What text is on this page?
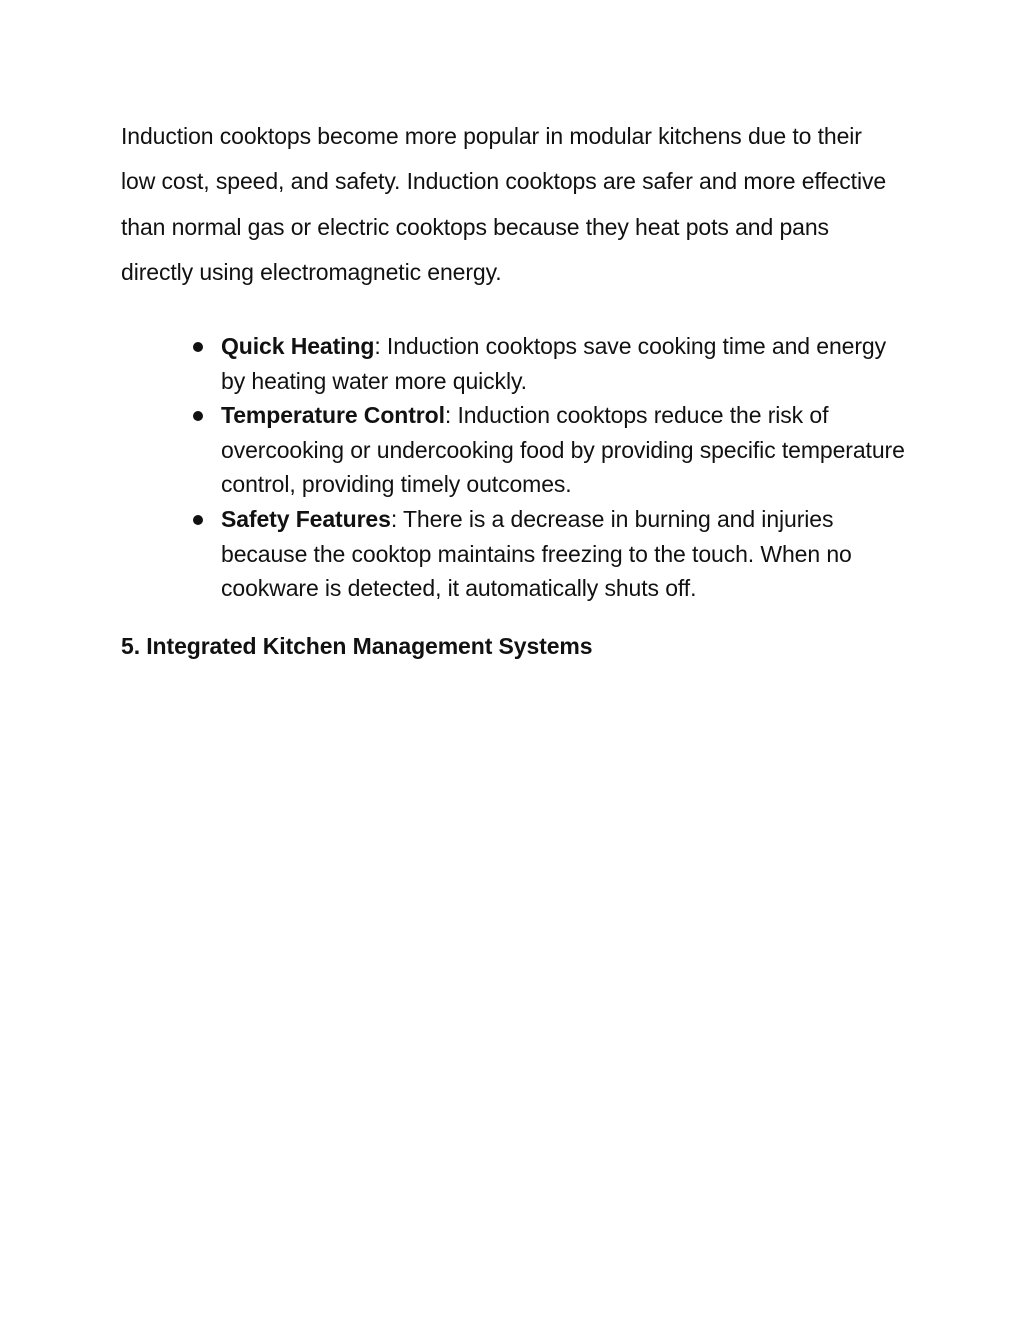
Induction cooktops become more popular in modular kitchens due to their low cost, speed, and safety. Induction cooktops are safer and more effective than normal gas or electric cooktops because they heat pots and pans directly using electromagnetic energy.

Quick Heating: Induction cooktops save cooking time and energy by heating water more quickly.
Temperature Control: Induction cooktops reduce the risk of overcooking or undercooking food by providing specific temperature control, providing timely outcomes.
Safety Features: There is a decrease in burning and injuries because the cooktop maintains freezing to the touch. When no cookware is detected, it automatically shuts off.
5. Integrated Kitchen Management Systems
